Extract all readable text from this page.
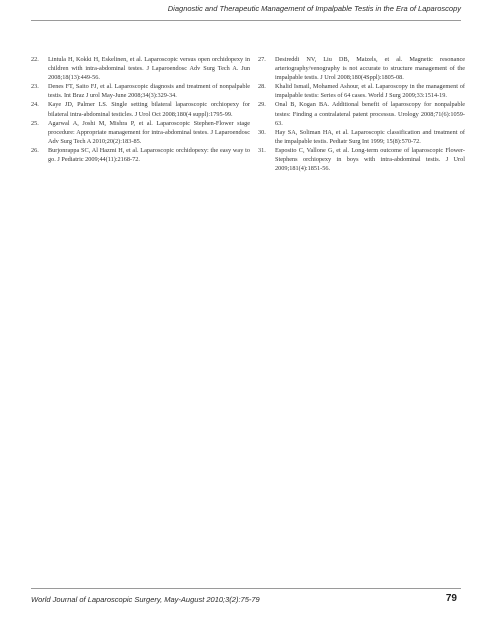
Diagnostic and Therapeutic Management of Impalpable Testis in the Era of Laparoscopy
22.	Lintula H, Kokki H, Eskelinen, et al. Laparoscopic versus open orchidopexy in children with intra-abdominal testes. J Laparoendosc Adv Surg Tech A. Jun 2008;18(13):449-56.
23.	Denes FT, Saito FJ, et al. Laparoscopic diagnosis and treatment of nonpalpable testis. Int Braz J urol May-June 2008;34(3):329-34.
24.	Kaye JD, Palmer LS. Single setting bilateral laparoscopic orchiopexy for bilateral intra-abdominal testicles. J Urol Oct 2008;180(4 suppl):1795-99.
25.	Agarwal A, Joshi M, Mishra P, et al. Laparoscopic Stephen-Flower stage procedure: Appropriate management for intra-abdominal testes. J Laparoendosc Adv Surg Tech A 2010;20(2):183-85.
26.	Burjonrappa SC, Al Hazmi H, et al. Laparoscopic orchidopexy: the easy way to go. J Pediatric 2009;44(11):2168-72.
27.	Desireddi NV, Liu DB, Maizels, et al. Magnetic resonance arteriography/venography is not accurate to structure management of the impalpable testis. J Urol 2008;180(4Sppl):1805-08.
28.	Khalid Ismail, Mohamed Ashour, et al. Laparoscopy in the management of impalpable testis: Series of 64 cases. World J Surg 2009;33:1514-19.
29.	Onal B, Kogan BA. Additional benefit of laparoscopy for nonpalpable testes: Finding a contralateral patent processus. Urology 2008;71(6):1059-63.
30.	Hay SA, Soliman HA, et al. Laparoscopic classification and treatment of the impalpable testis. Pediatr Surg Int 1999; 15(8):570-72.
31.	Esposito C, Vallone G, et al. Long-term outcome of laparoscopic Flower-Stephens orchiopexy in boys with intra-abdominal testis. J Urol 2009;181(4):1851-56.
World Journal of Laparoscopic Surgery, May-August 2010;3(2):75-79	79
